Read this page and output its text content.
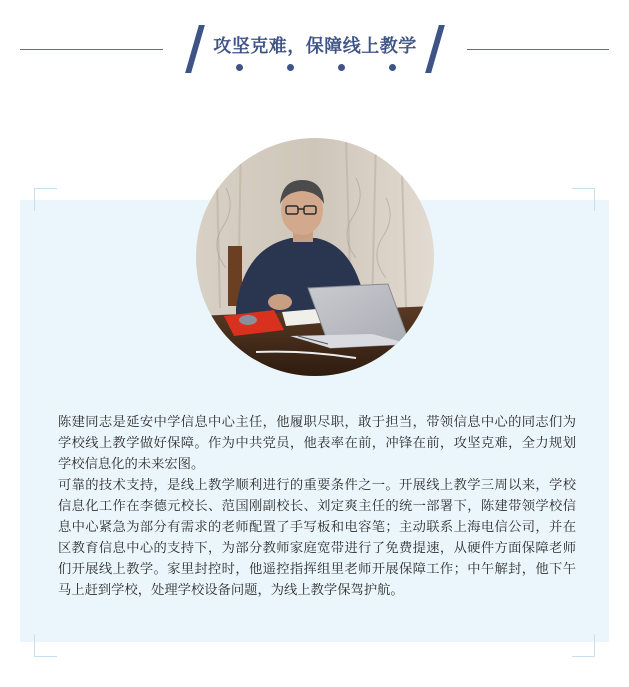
攻坚克难，保障线上教学

陈建同志是延安中学信息中心主任，他履职尽职，敢于担当，带领信息中心的同志们为学校线上教学做好保障。作为中共党员，他表率在前，冲锋在前，攻坚克难，全力规划学校信息化的未来宏图。

可靠的技术支持，是线上教学顺利进行的重要条件之一。开展线上教学三周以来，学校信息化工作在李德元校长、范国刚副校长、刘定爽主任的统一部署下，陈建带领学校信息中心紧急为部分有需求的老师配置了手写板和电容笔；主动联系上海电信公司，并在区教育信息中心的支持下，为部分教师家庭宽带进行了免费提速，从硬件方面保障老师们开展线上教学。家里封控时，他遥控指挥组里老师开展保障工作；中午解封，他下午马上赶到学校，处理学校设备问题，为线上教学保驾护航。
